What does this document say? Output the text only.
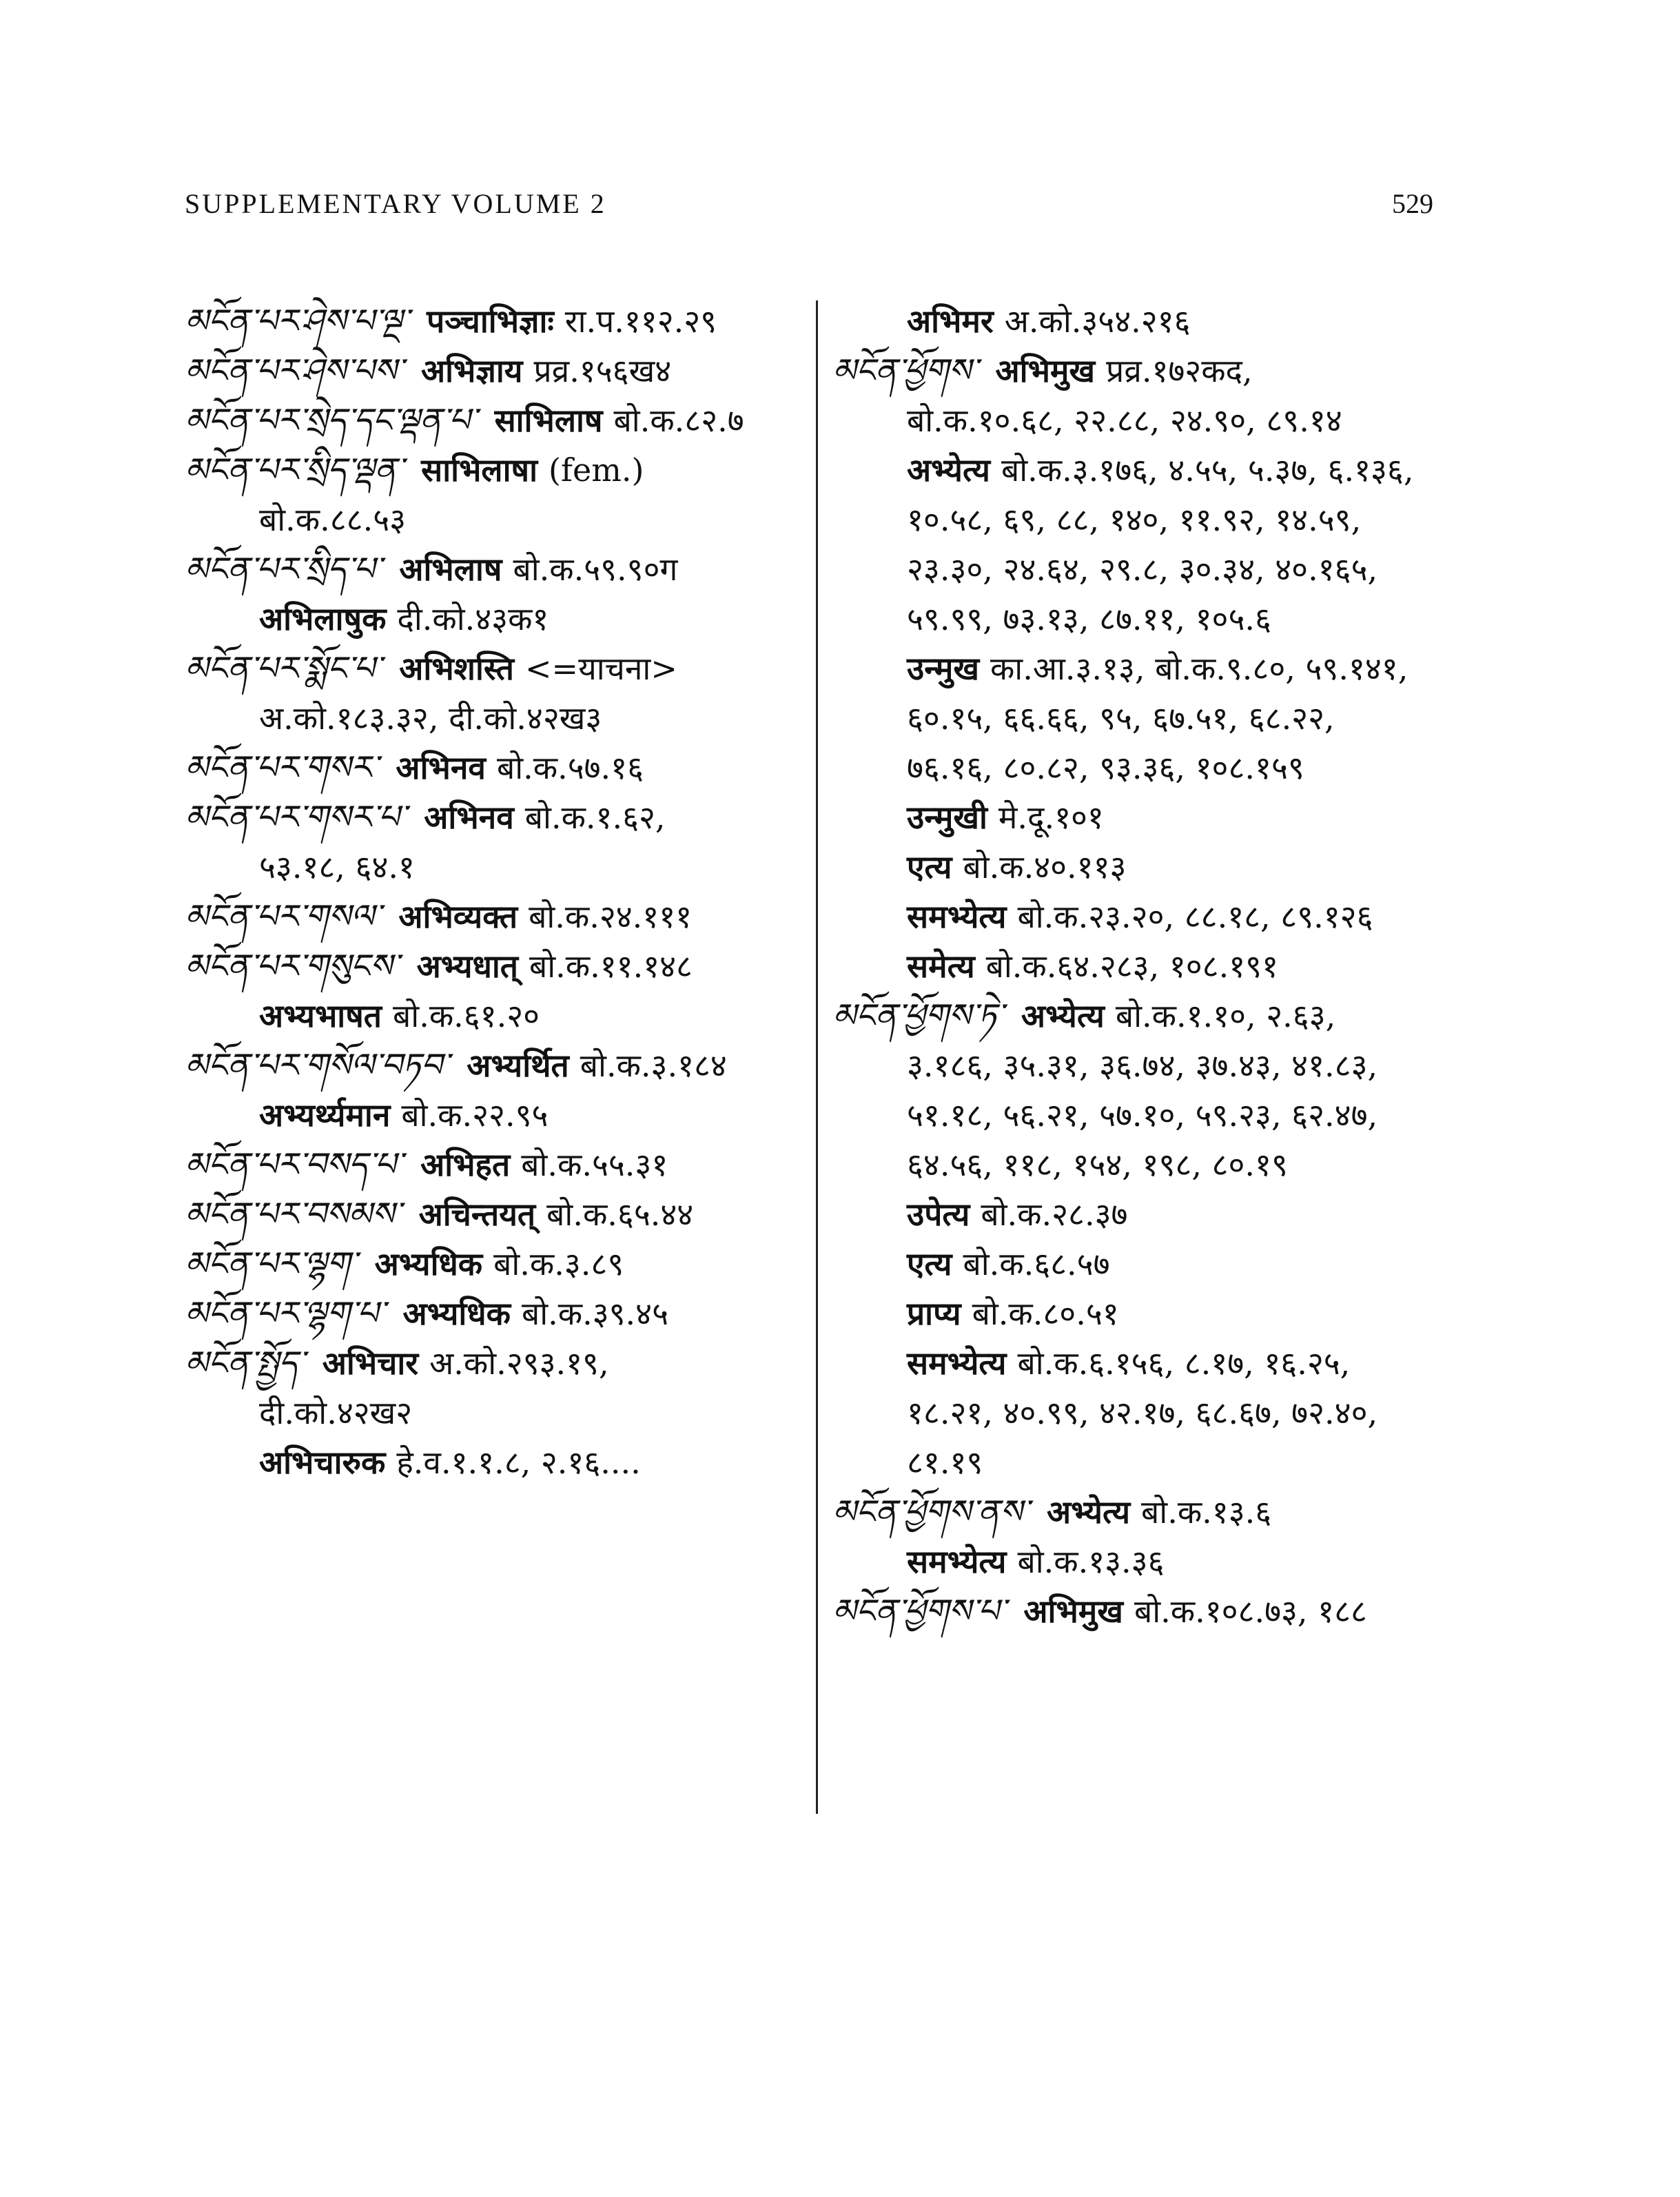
SUPPLEMENTARY VOLUME 2	529
མངོན་པར་ཤེས་པ་ལྔ་ पञ्चाभिज्ञाः रा.प.११२.२९
མངོན་པར་ཤེས་པས་ अभिज्ञाय प्रव्र.१५६ख४
མངོན་པར་སྲེད་དང་ལྡན་པ་ साभिलाष बो.क.८२.७
མངོན་པར་སྲིད་ལྡན་ साभिलाषा (fem.)
बो.क.८८.५३
མངོན་པར་སྲིད་པ་ अभिलाष बो.क.५९.९०ग
अभिलाषुक दी.को.४३क१
མངོན་པར་སྨོང་པ་ अभिशस्ति <=याचना>
अ.को.१८३.३२, दी.को.४२ख३
མངོན་པར་གསར་ अभिनव बो.क.५७.१६
མངོན་པར་གསར་པ་ अभिनव बो.क.१.६२,
५३.१८, ६४.१
མངོན་པར་གསལ་ अभिव्यक्त बो.क.२४.१११
མངོན་པར་གསུངས་ अभ्यधात् बो.क.११.१४८
अभ्यभाषत बो.क.६१.२०
མངོན་པར་གསོལ་བཏབ་ अभ्यर्थित बो.क.३.१८४
अभ्यर्थ्यमान बो.क.२२.९५
མངོན་པར་བསད་པ་ अभिहत बो.क.५५.३१
མངོན་པར་བསམས་ अचिन्तयत् बो.क.६५.४४
མངོན་པར་ལྷག་ अभ्यधिक बो.क.३.८९
མངོན་པར་ལྷག་པ་ अभ्यधिक बो.क.३९.४५
མངོན་སྤྱོད་ अभिचार अ.को.२९३.१९,
दी.को.४२ख२
अभिचारुक हे.व.१.१.८, २.१६....
अभिमर अ.को.३५४.२१६
མངོན་ཕྱོགས་ अभिमुख प्रव्र.१७२कद,
बो.क.१०.६८, २२.८८, २४.९०, ८९.१४
अभ्येत्य बो.क.३.१७६, ४.५५, ५.३७, ६.१३६,
१०.५८, ६९, ८८, १४०, ११.९२, १४.५९,
२३.३०, २४.६४, २९.८, ३०.३४, ४०.१६५,
५९.९९, ७३.१३, ८७.११, १०५.६
उन्मुख का.आ.३.१३, बो.क.९.८०, ५९.१४१,
६०.१५, ६६.६६, ९५, ६७.५१, ६८.२२,
७६.१६, ८०.८२, ९३.३६, १०८.१५९
उन्मुखी मे.दू.१०१
एत्य बो.क.४०.११३
समभ्येत्य बो.क.२३.२०, ८८.१८, ८९.१२६
समेत्य बो.क.६४.२८३, १०८.१९१
མངོན་ཕྱོགས་ཏེ་ अभ्येत्य बो.क.१.१०, २.६३,
३.१८६, ३५.३१, ३६.७४, ३७.४३, ४१.८३,
५१.१८, ५६.२१, ५७.१०, ५९.२३, ६२.४७,
६४.५६, ११८, १५४, १९८, ८०.१९
उपेत्य बो.क.२८.३७
एत्य बो.क.६८.५७
प्राप्य बो.क.८०.५१
समभ्येत्य बो.क.६.१५६, ८.१७, १६.२५,
१८.२१, ४०.९९, ४२.१७, ६८.६७, ७२.४०,
८१.१९
མངོན་ཕྱོགས་ནས་ अभ्येत्य बो.क.१३.६
समभ्येत्य बो.क.१३.३६
མངོན་ཕྱོགས་པ་ अभिमुख बो.क.१०८.७३, १८८
